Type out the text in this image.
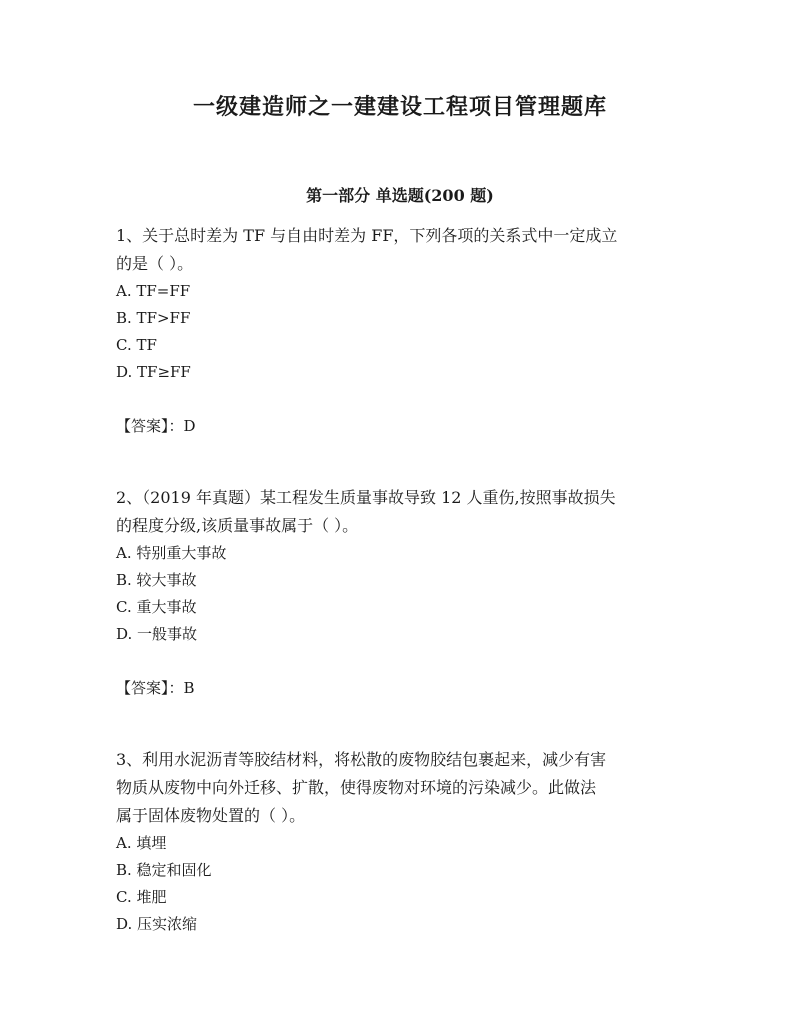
一级建造师之一建建设工程项目管理题库
第一部分 单选题(200 题)

1、关于总时差为 TF 与自由时差为 FF，下列各项的关系式中一定成立

的是（ ）。

A. TF=FF

B. TF>FF

C. TF

D. TF≥FF

【答案】：D

2、（2019 年真题）某工程发生质量事故导致 12 人重伤,按照事故损失

的程度分级,该质量事故属于（ ）。

A. 特别重大事故

B. 较大事故

C. 重大事故

D. 一般事故

【答案】：B

3、利用水泥沥青等胶结材料，将松散的废物胶结包裹起来，减少有害

物质从废物中向外迁移、扩散，使得废物对环境的污染减少。此做法

属于固体废物处置的（ ）。

A. 填埋

B. 稳定和固化

C. 堆肥

D. 压实浓缩
